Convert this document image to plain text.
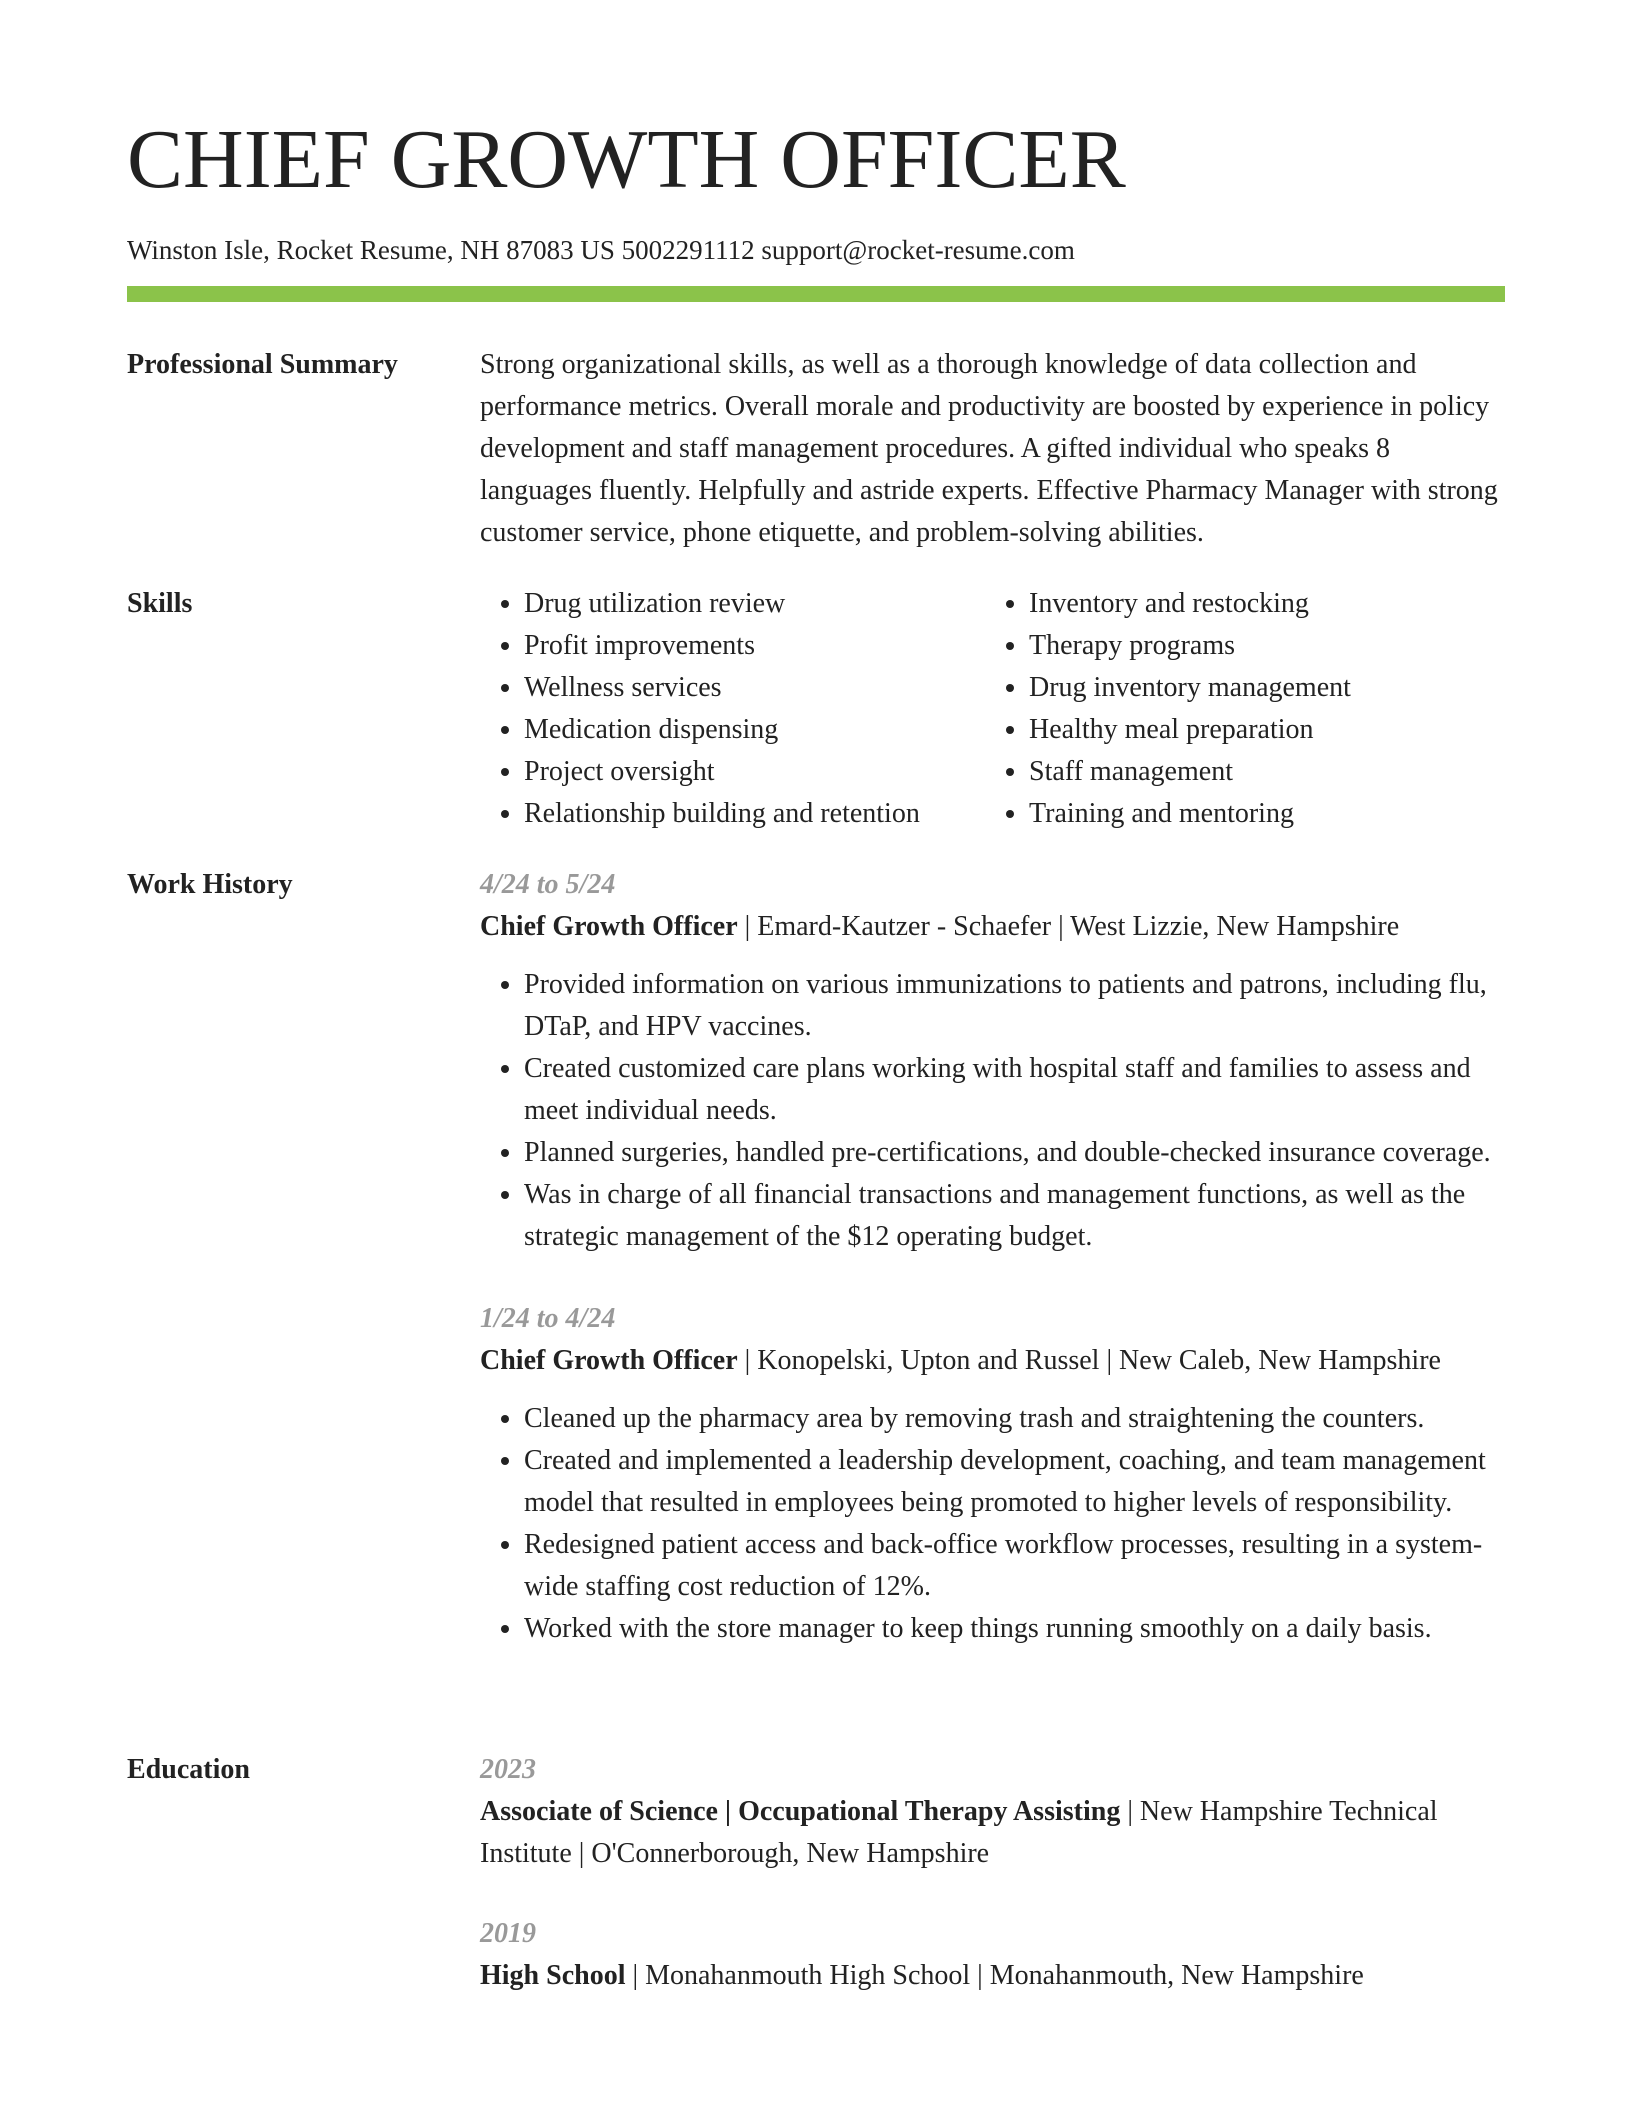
CHIEF GROWTH OFFICER
Winston Isle, Rocket Resume, NH 87083 US 5002291112 support@rocket-resume.com
Professional Summary	Strong organizational skills, as well as a thorough knowledge of data collection and performance metrics. Overall morale and productivity are boosted by experience in policy development and staff management procedures. A gifted individual who speaks 8 languages fluently. Helpfully and astride experts. Effective Pharmacy Manager with strong customer service, phone etiquette, and problem-solving abilities.

Skills
•	Drug utilization review
• Profit improvements
• Wellness services
• Medication dispensing
• Project oversight
• Relationship building and retention
• Inventory and restocking
• Therapy programs
• Drug inventory management
• Healthy meal preparation
• Staff management
• Training and mentoring
Work History	4/24 to 5/24
Chief Growth Officer | Emard-Kautzer - Schaefer | West Lizzie, New Hampshire
• Provided information on various immunizations to patients and patrons, including flu, DTaP, and HPV vaccines.
• Created customized care plans working with hospital staff and families to assess and meet individual needs.
• Planned surgeries, handled pre-certifications, and double-checked insurance coverage.
• Was in charge of all financial transactions and management functions, as well as the strategic management of the $12 operating budget.
1/24 to 4/24
Chief Growth Officer | Konopelski, Upton and Russel | New Caleb, New Hampshire
• Cleaned up the pharmacy area by removing trash and straightening the counters.
• Created and implemented a leadership development, coaching, and team management model that resulted in employees being promoted to higher levels of responsibility.
• Redesigned patient access and back-office workflow processes, resulting in a system-wide staffing cost reduction of 12%.
• Worked with the store manager to keep things running smoothly on a daily basis.
Education	2023
Associate of Science | Occupational Therapy Assisting | New Hampshire Technical Institute | O'Connerborough, New Hampshire
2019
High School | Monahanmouth High School | Monahanmouth, New Hampshire
